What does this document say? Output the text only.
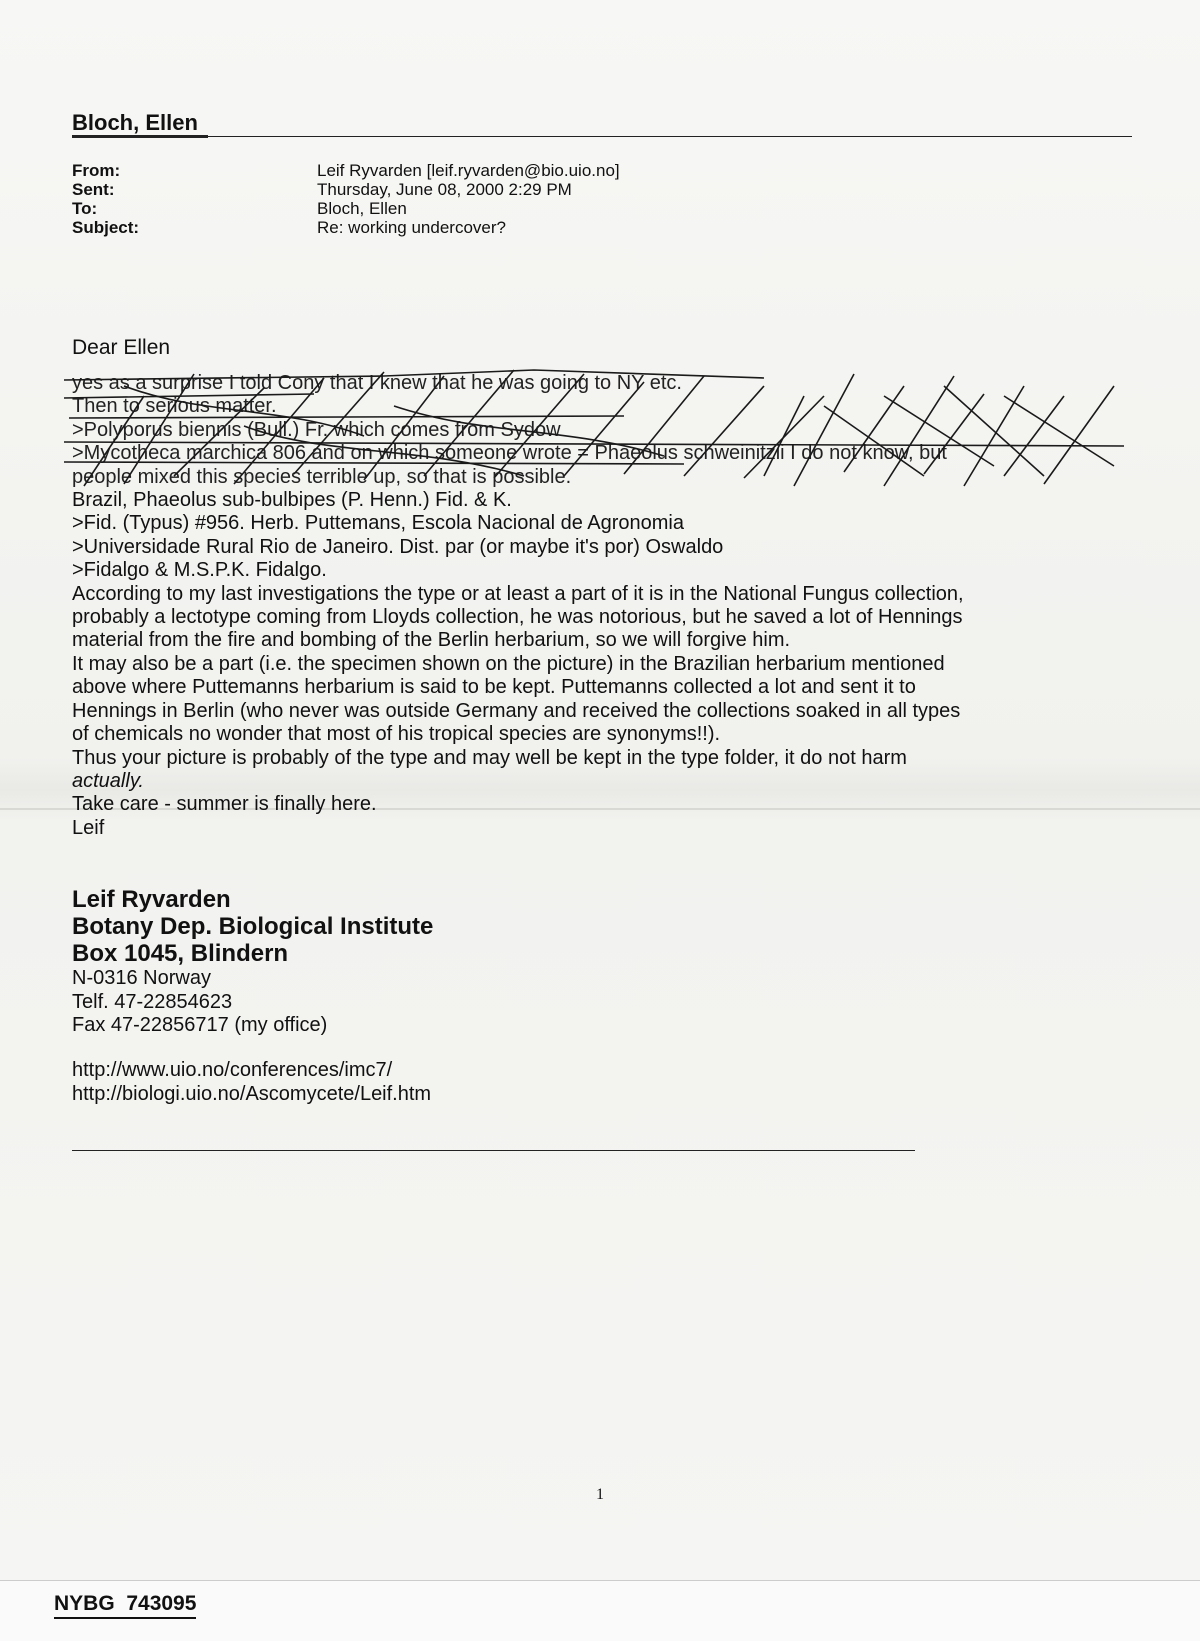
Bloch, Ellen
From:	Leif Ryvarden [leif.ryvarden@bio.uio.no]
Sent:	Thursday, June 08, 2000 2:29 PM
To:	Bloch, Ellen
Subject:	Re: working undercover?
Dear Ellen

yes as a surprise I told Cony that I knew that he was going to NY etc.

Then to serious matter.

>Polyporus biennis (Bull.) Fr. which comes from Sydow

>Mycotheca marchica 806 and on which someone wrote = Phaeolus schweinitzii I do not know, but

people mixed this species terrible up, so that is possible.

Brazil, Phaeolus sub-bulbipes (P. Henn.) Fid. & K.

>Fid. (Typus) #956. Herb. Puttemans, Escola Nacional de Agronomia

>Universidade Rural Rio de Janeiro. Dist. par (or maybe it's por) Oswaldo

>Fidalgo & M.S.P.K. Fidalgo.

According to my last investigations the type or at least a part of it is in the National Fungus collection,

probably a lectotype coming from Lloyds collection, he was notorious, but he saved a lot of Hennings

material from the fire and bombing of the Berlin herbarium, so we will forgive him.

It may also be a part (i.e. the specimen shown on the picture) in the Brazilian herbarium mentioned

above where Puttemanns herbarium is said to be kept. Puttemanns collected a lot and sent it to

Hennings in Berlin (who never was outside Germany and received the collections soaked in all types

of chemicals no wonder that most of his tropical species are synonyms!!).

Thus your picture is probably of the type and may well be kept in the type folder, it do not harm

actually.

Take care - summer is finally here.

Leif

Leif Ryvarden

Botany Dep. Biological Institute

Box 1045, Blindern

N-0316 Norway

Telf. 47-22854623

Fax 47-22856717 (my office)

http://www.uio.no/conferences/imc7/

http://biologi.uio.no/Ascomycete/Leif.htm

1
NYBG  743095
